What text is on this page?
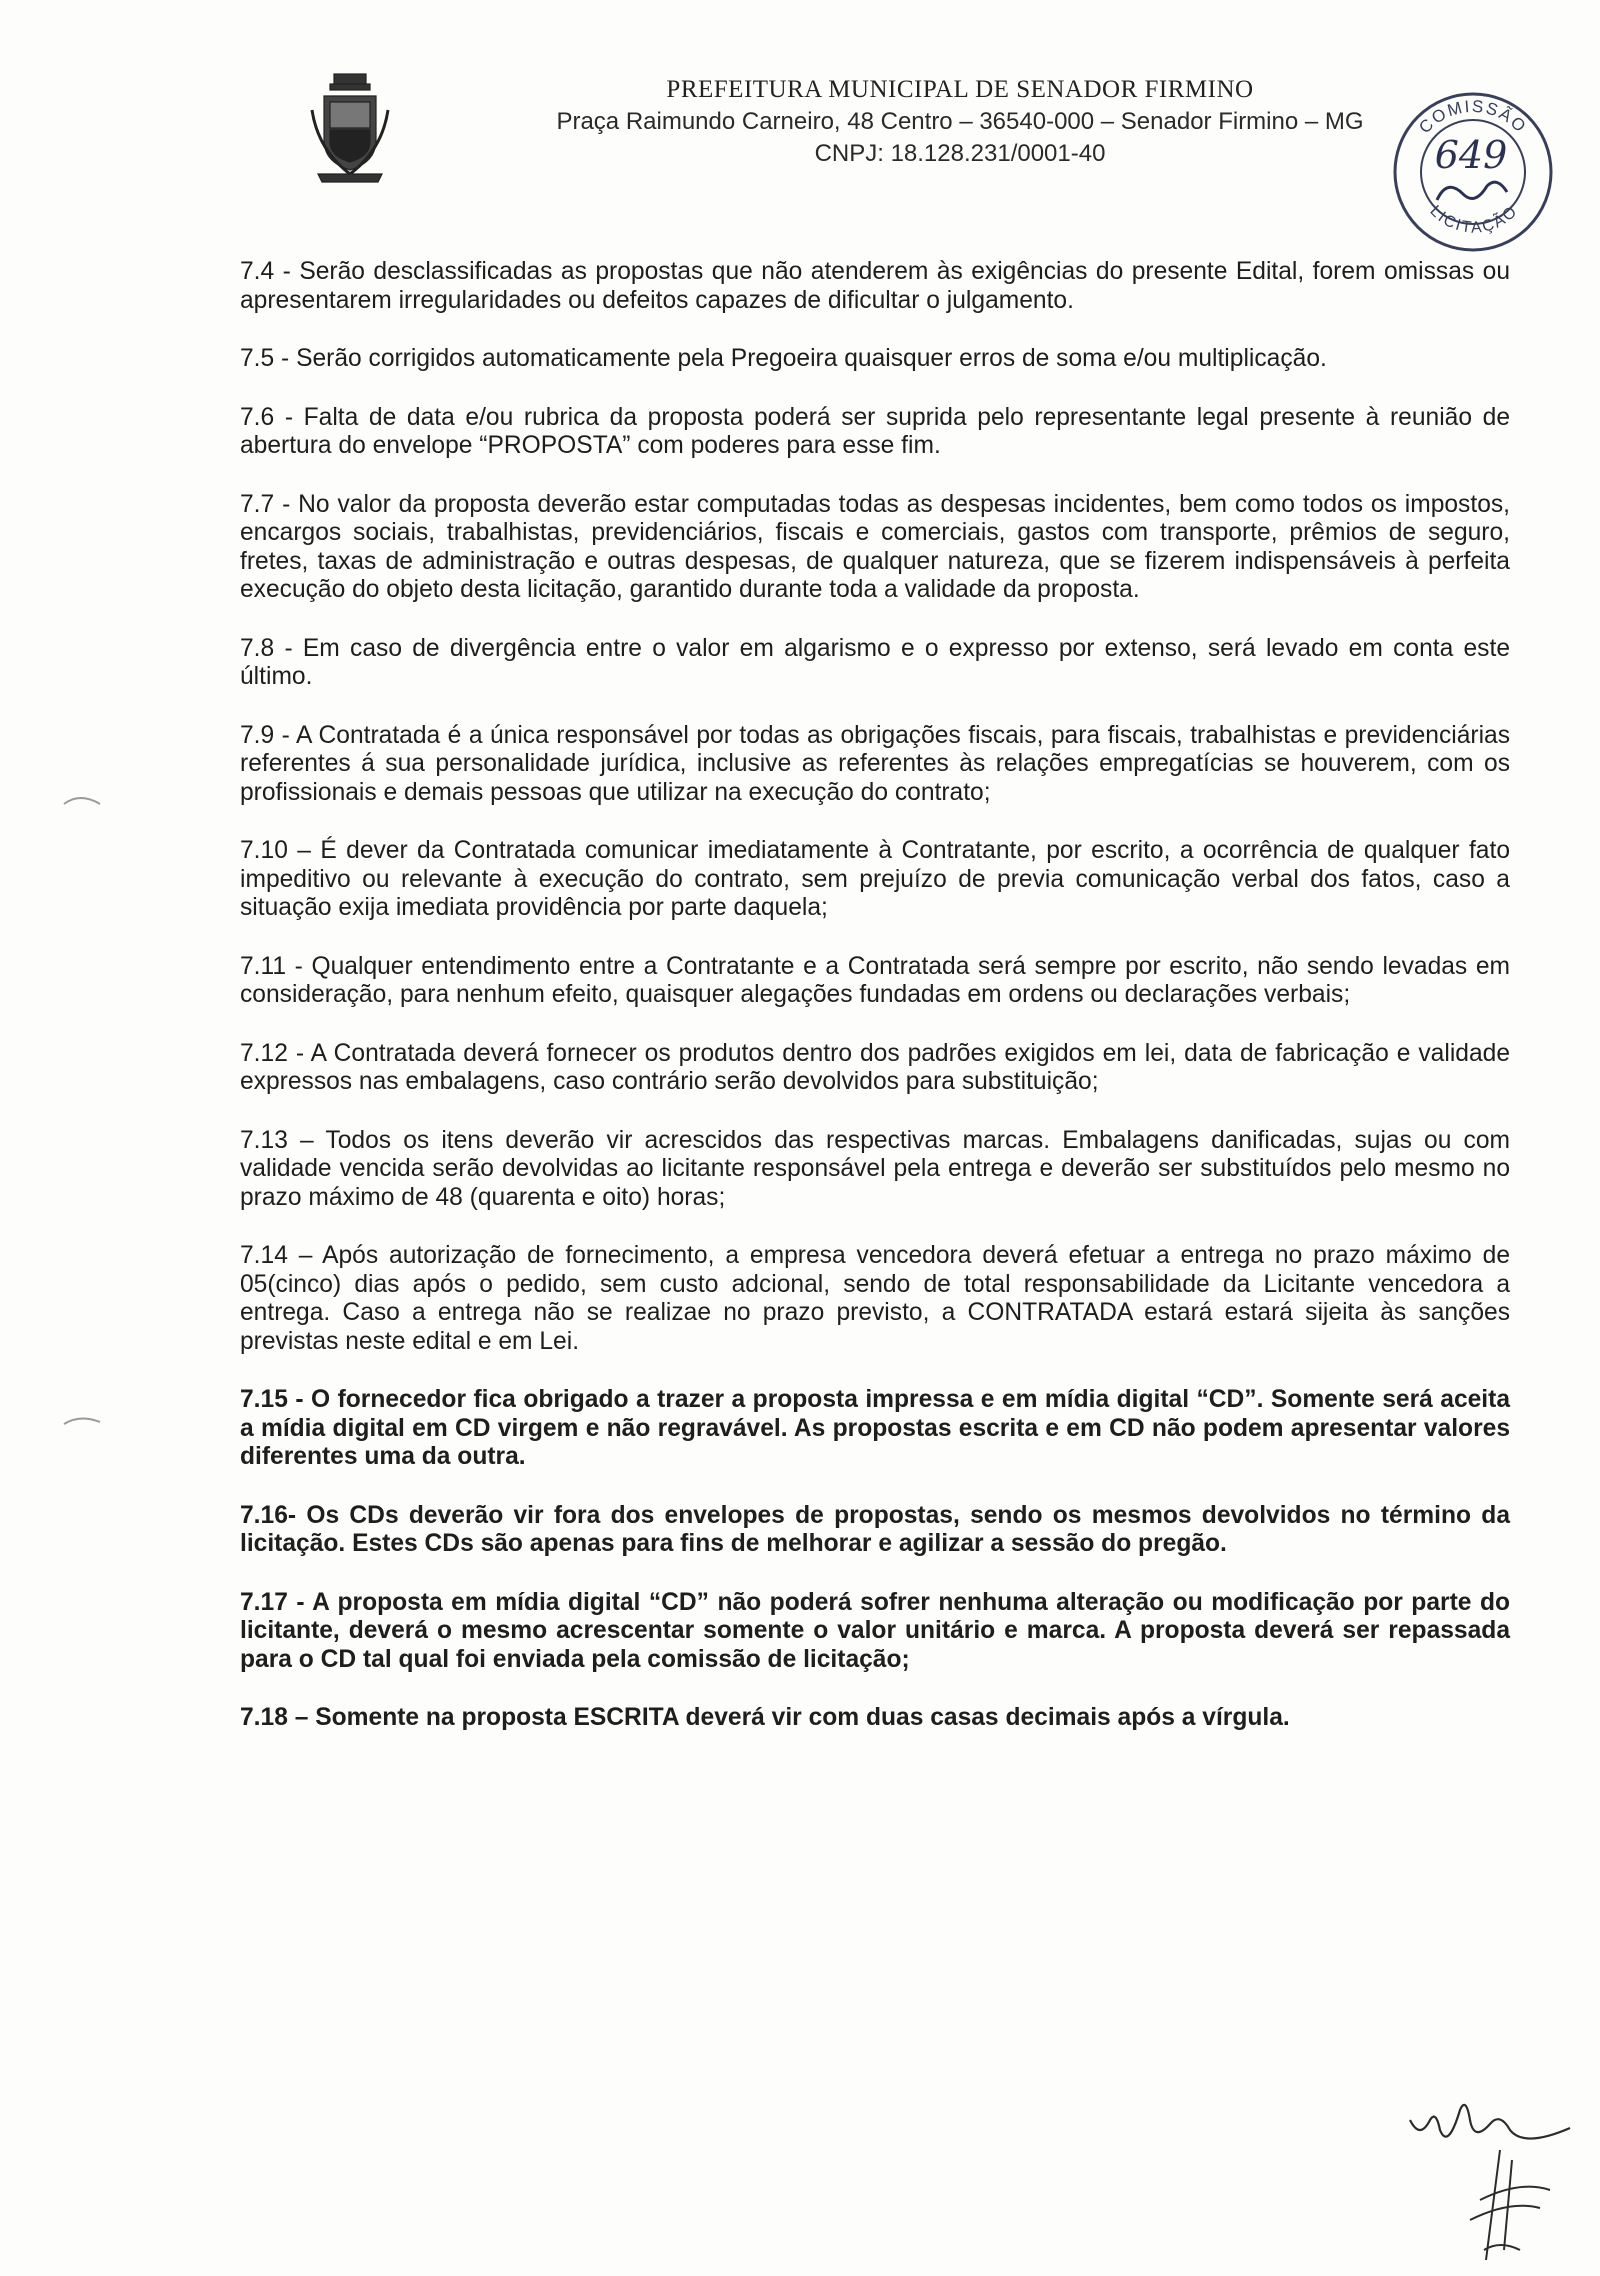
PREFEITURA MUNICIPAL DE SENADOR FIRMINO
Praça Raimundo Carneiro, 48 Centro – 36540-000 – Senador Firmino – MG
CNPJ: 18.128.231/0001-40
COMISSÃO
LICITAÇÃO
649

7.4 - Serão desclassificadas as propostas que não atenderem às exigências do presente Edital, forem omissas ou apresentarem irregularidades ou defeitos capazes de dificultar o julgamento.

7.5 - Serão corrigidos automaticamente pela Pregoeira quaisquer erros de soma e/ou multiplicação.

7.6 - Falta de data e/ou rubrica da proposta poderá ser suprida pelo representante legal presente à reunião de abertura do envelope “PROPOSTA” com poderes para esse fim.

7.7 - No valor da proposta deverão estar computadas todas as despesas incidentes, bem como todos os impostos, encargos sociais, trabalhistas, previdenciários, fiscais e comerciais, gastos com transporte, prêmios de seguro, fretes, taxas de administração e outras despesas, de qualquer natureza, que se fizerem indispensáveis à perfeita execução do objeto desta licitação, garantido durante toda a validade da proposta.

7.8 - Em caso de divergência entre o valor em algarismo e o expresso por extenso, será levado em conta este último.

7.9 - A Contratada é a única responsável por todas as obrigações fiscais, para fiscais, trabalhistas e previdenciárias referentes á sua personalidade jurídica, inclusive as referentes às relações empregatícias se houverem, com os profissionais e demais pessoas que utilizar na execução do contrato;

7.10 – É dever da Contratada comunicar imediatamente à Contratante, por escrito, a ocorrência de qualquer fato impeditivo ou relevante à execução do contrato, sem prejuízo de previa comunicação verbal dos fatos, caso a situação exija imediata providência por parte daquela;

7.11 - Qualquer entendimento entre a Contratante e a Contratada será sempre por escrito, não sendo levadas em consideração, para nenhum efeito, quaisquer alegações fundadas em ordens ou declarações verbais;

7.12 - A Contratada deverá fornecer os produtos dentro dos padrões exigidos em lei, data de fabricação e validade expressos nas embalagens, caso contrário serão devolvidos para substituição;

7.13 – Todos os itens deverão vir acrescidos das respectivas marcas. Embalagens danificadas, sujas ou com validade vencida serão devolvidas ao licitante responsável pela entrega e deverão ser substituídos pelo mesmo no prazo máximo de 48 (quarenta e oito) horas;

7.14 – Após autorização de fornecimento, a empresa vencedora deverá efetuar a entrega no prazo máximo de 05(cinco) dias após o pedido, sem custo adcional, sendo de total responsabilidade da Licitante vencedora a entrega. Caso a entrega não se realizae no prazo previsto, a CONTRATADA estará estará sijeita às sanções previstas neste edital e em Lei.

7.15 - O fornecedor fica obrigado a trazer a proposta impressa e em mídia digital “CD”. Somente será aceita a mídia digital em CD virgem e não regravável. As propostas escrita e em CD não podem apresentar valores diferentes uma da outra.

7.16- Os CDs deverão vir fora dos envelopes de propostas, sendo os mesmos devolvidos no término da licitação. Estes CDs são apenas para fins de melhorar e agilizar a sessão do pregão.

7.17 - A proposta em mídia digital “CD” não poderá sofrer nenhuma alteração ou modificação por parte do licitante, deverá o mesmo acrescentar somente o valor unitário e marca. A proposta deverá ser repassada para o CD tal qual foi enviada pela comissão de licitação;

7.18 – Somente na proposta ESCRITA deverá vir com duas casas decimais após a vírgula.
